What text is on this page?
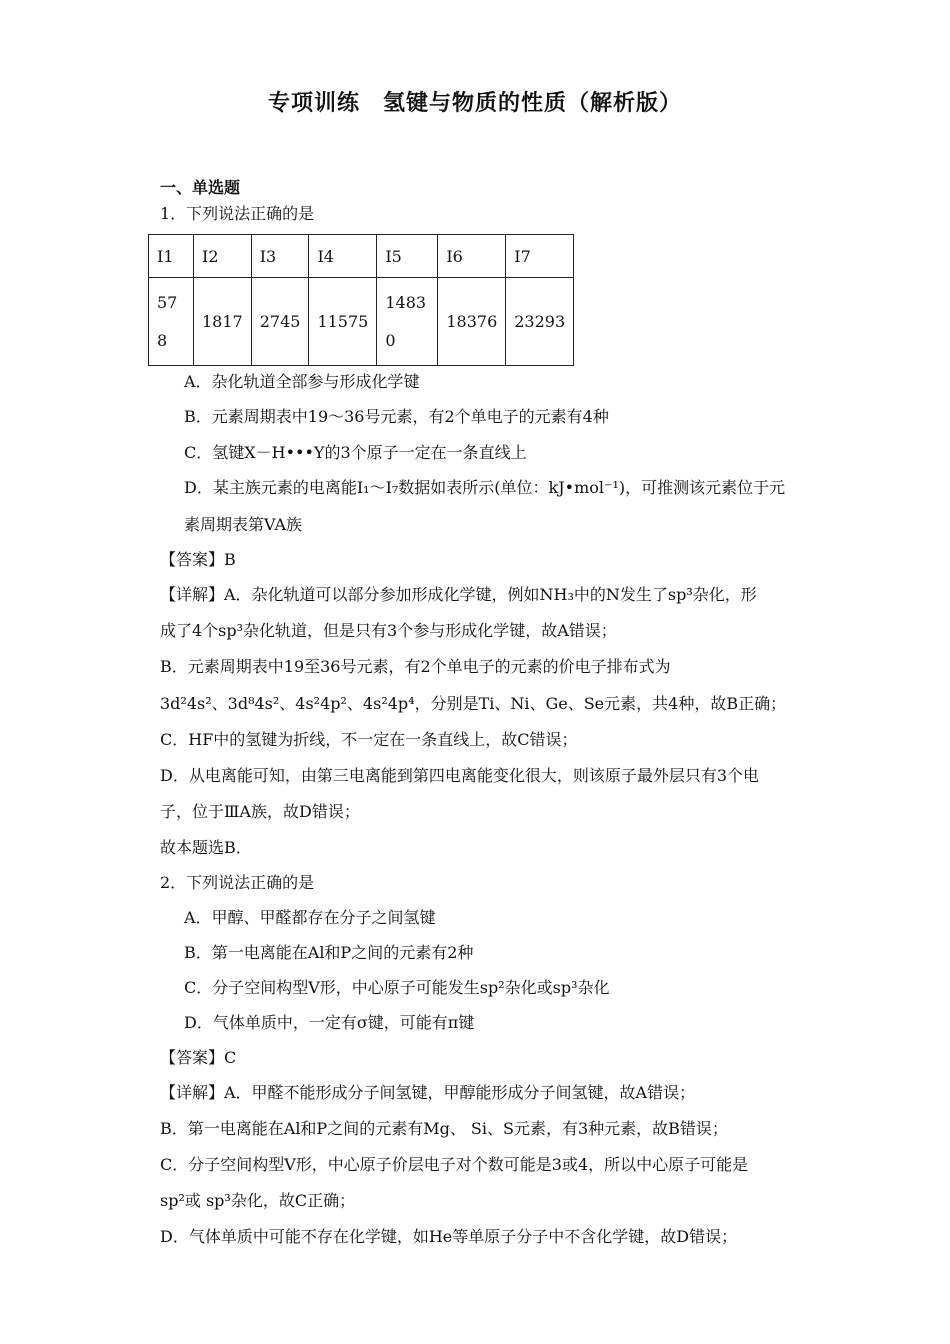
专项训练　氢键与物质的性质（解析版）
一、单选题
1．下列说法正确的是
I1	I2	I3	I4	I5	I6	I7
578	1817	2745	11575	14830	18376	23293
A．杂化轨道全部参与形成化学键
B．元素周期表中19～36号元素，有2个单电子的元素有4种
C．氢键X－H•••Y的3个原子一定在一条直线上
D．某主族元素的电离能I₁～I₇数据如表所示(单位：kJ•mol⁻¹)，可推测该元素位于元
素周期表第VA族
【答案】B
【详解】A．杂化轨道可以部分参加形成化学键，例如NH₃中的N发生了sp³杂化，形
成了4个sp³杂化轨道，但是只有3个参与形成化学键，故A错误；
B．元素周期表中19至36号元素，有2个单电子的元素的价电子排布式为
3d²4s²、3d⁸4s²、4s²4p²、4s²4p⁴，分别是Ti、Ni、Ge、Se元素，共4种，故B正确；
C．HF中的氢键为折线，不一定在一条直线上，故C错误；
D．从电离能可知，由第三电离能到第四电离能变化很大，则该原子最外层只有3个电
子，位于ⅢA族，故D错误；
故本题选B．
2．下列说法正确的是
A．甲醇、甲醛都存在分子之间氢键
B．第一电离能在Al和P之间的元素有2种
C．分子空间构型V形，中心原子可能发生sp²杂化或sp³杂化
D．气体单质中，一定有σ键，可能有π键
【答案】C
【详解】A．甲醛不能形成分子间氢键，甲醇能形成分子间氢键，故A错误；
B．第一电离能在Al和P之间的元素有Mg、 Si、S元素，有3种元素，故B错误；
C．分子空间构型V形，中心原子价层电子对个数可能是3或4，所以中心原子可能是
sp²或 sp³杂化，故C正确；
D．气体单质中可能不存在化学键，如He等单原子分子中不含化学键，故D错误；
